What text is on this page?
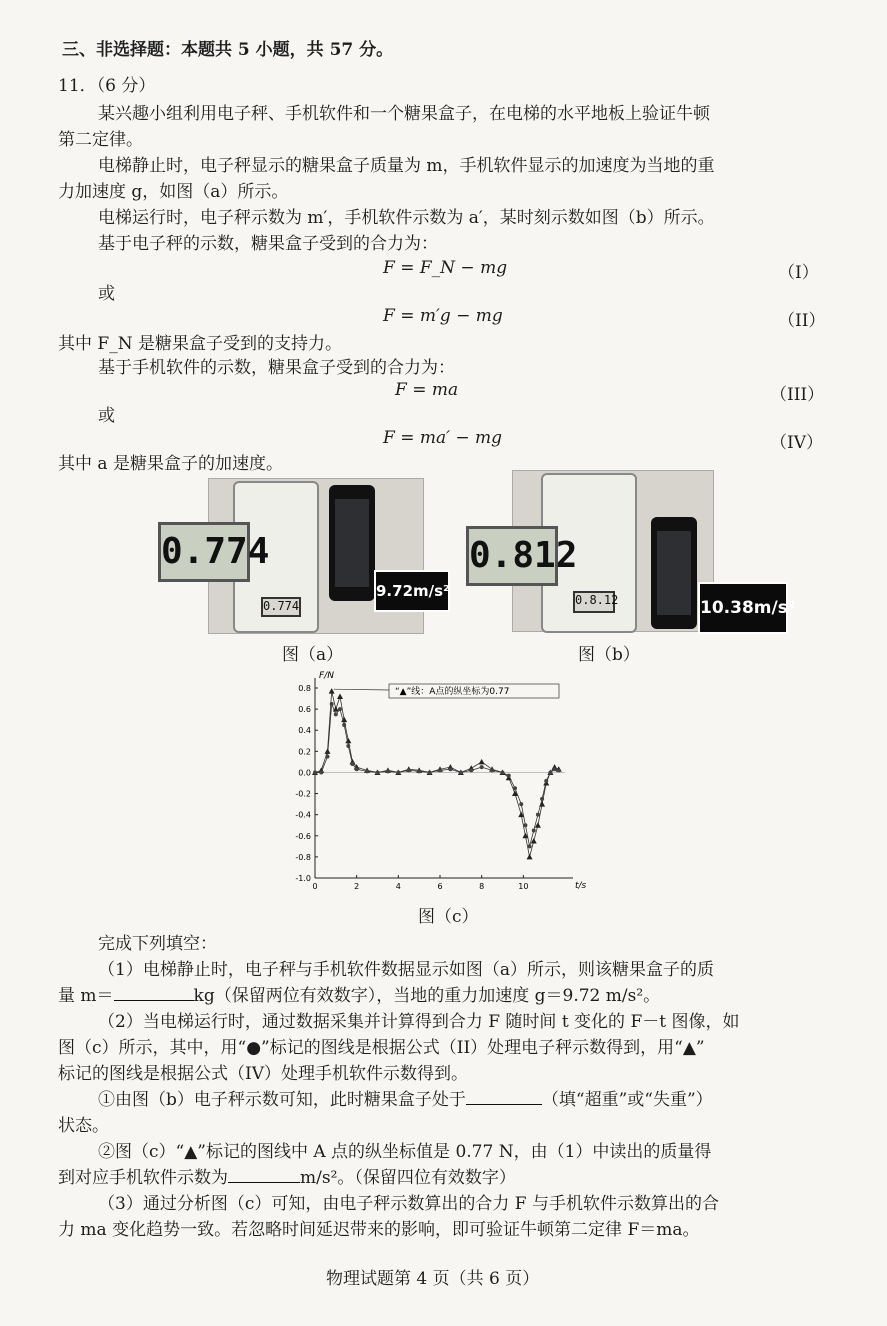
三、非选择题：本题共 5 小题，共 57 分。
11．（6 分）
某兴趣小组利用电子秤、手机软件和一个糖果盒子，在电梯的水平地板上验证牛顿
第二定律。
电梯静止时，电子秤显示的糖果盒子质量为 m，手机软件显示的加速度为当地的重
力加速度 g，如图（a）所示。
电梯运行时，电子秤示数为 m′，手机软件示数为 a′，某时刻示数如图（b）所示。
基于电子秤的示数，糖果盒子受到的合力为：
F = F_N − mg	（I）
或
F = m′g − mg	（II）
其中 F_N 是糖果盒子受到的支持力。
基于手机软件的示数，糖果盒子受到的合力为：
F = ma	（III）
或
F = ma′ − mg	（IV）
其中 a 是糖果盒子的加速度。
0.774
0.774
9.72m/s²
图（a）
0.8.12
0.812
10.38m/s²
图（b）
F/N
t/s
0.8
0.6
0.4
0.2
0.0
-0.2
-0.4
-0.6
-0.8
-1.0
0	2	4	6	8	10
“▲”线：A点的纵坐标为0.77
图（c）
完成下列填空：
（1）电梯静止时，电子秤与手机软件数据显示如图（a）所示，则该糖果盒子的质
量 m＝	kg（保留两位有效数字），当地的重力加速度 g＝9.72 m/s²。
（2）当电梯运行时，通过数据采集并计算得到合力 F 随时间 t 变化的 F－t 图像，如
图（c）所示，其中，用“●”标记的图线是根据公式（II）处理电子秤示数得到，用“▲”
标记的图线是根据公式（IV）处理手机软件示数得到。
①由图（b）电子秤示数可知，此时糖果盒子处于	（填“超重”或“失重”）
状态。
②图（c）“▲”标记的图线中 A 点的纵坐标值是 0.77 N，由（1）中读出的质量得
到对应手机软件示数为	m/s²。（保留四位有效数字）
（3）通过分析图（c）可知，由电子秤示数算出的合力 F 与手机软件示数算出的合
力 ma 变化趋势一致。若忽略时间延迟带来的影响，即可验证牛顿第二定律 F＝ma。
物理试题第 4 页（共 6 页）
